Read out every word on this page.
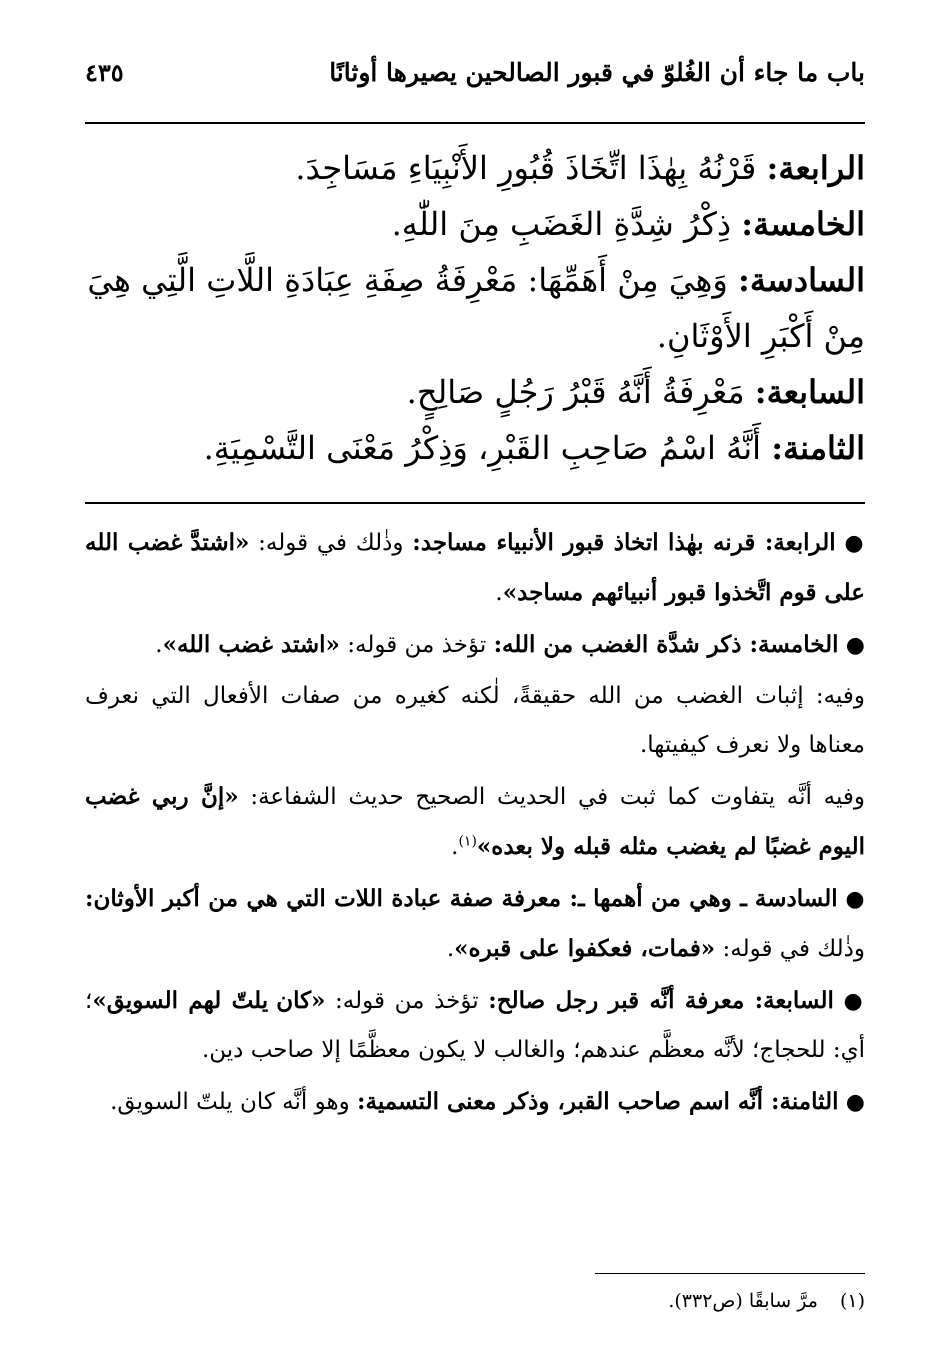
باب ما جاء أن الغُلوّ في قبور الصالحين يصيرها أوثانًا
٤٣٥

الرابعة: قَرْنُهُ بِهٰذَا اتِّخَاذَ قُبُورِ الأَنْبِيَاءِ مَسَاجِدَ.

الخامسة: ذِكْرُ شِدَّةِ الغَضَبِ مِنَ اللّٰهِ.

السادسة: وَهِيَ مِنْ أَهَمِّهَا: مَعْرِفَةُ صِفَةِ عِبَادَةِ اللَّاتِ الَّتِي هِيَ مِنْ أَكْبَرِ الأَوْثَانِ.

السابعة: مَعْرِفَةُ أَنَّهُ قَبْرُ رَجُلٍ صَالِحٍ.

الثامنة: أَنَّهُ اسْمُ صَاحِبِ القَبْرِ، وَذِكْرُ مَعْنَى التَّسْمِيَةِ.

● الرابعة: قرنه بهٰذا اتخاذ قبور الأنبياء مساجد: وذٰلك في قوله: «اشتدَّ غضب الله على قوم اتَّخذوا قبور أنبيائهم مساجد».

● الخامسة: ذكر شدَّة الغضب من الله: تؤخذ من قوله: «اشتد غضب الله».

وفيه: إثبات الغضب من الله حقيقةً، لٰكنه كغيره من صفات الأفعال التي نعرف معناها ولا نعرف كيفيتها.

وفيه أنَّه يتفاوت كما ثبت في الحديث الصحيح حديث الشفاعة: «إنَّ ربي غضب اليوم غضبًا لم يغضب مثله قبله ولا بعده»$^{(١)}$.

● السادسة ـ وهي من أهمها ـ: معرفة صفة عبادة اللات التي هي من أكبر الأوثان: وذٰلك في قوله: «فمات، فعكفوا على قبره».

● السابعة: معرفة أنَّه قبر رجل صالح: تؤخذ من قوله: «كان يلتّ لهم السويق»؛ أي: للحجاج؛ لأنَّه معظَّم عندهم؛ والغالب لا يكون معظَّمًا إلا صاحب دين.

● الثامنة: أنَّه اسم صاحب القبر، وذكر معنى التسمية: وهو أنَّه كان يلتّ السويق.

(١)مرَّ سابقًا (ص٣٣٢).
